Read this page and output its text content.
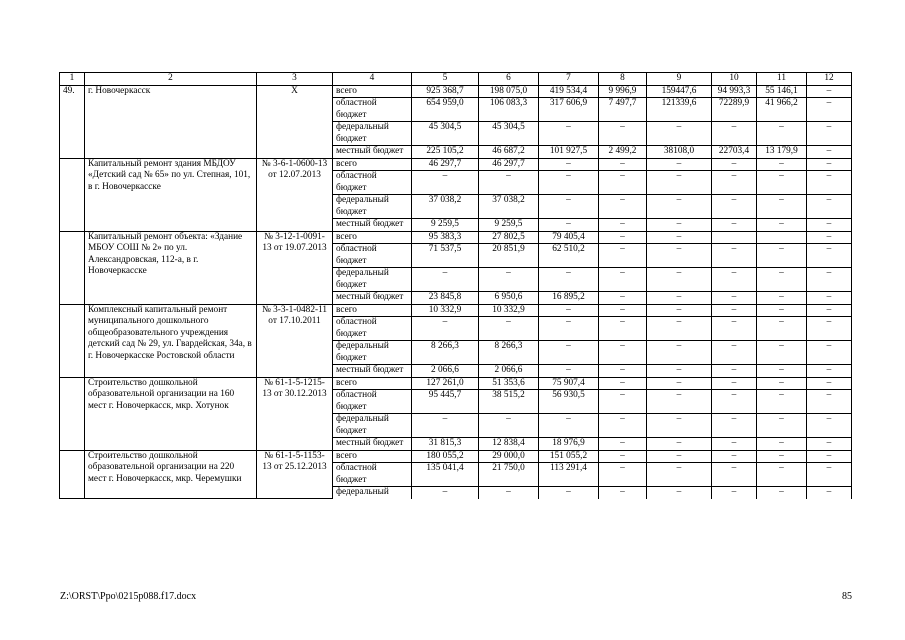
1	2	3	4	5	6	7	8	9	10	11	12
49.	г. Новочеркасск	Х	всего	925 368,7	198 075,0	419 534,4	9 996,9	159447,6	94 993,3	55 146,1	–
			областной бюджет	654 959,0	106 083,3	317 606,9	7 497,7	121339,6	72289,9	41 966,2	–
			федеральный бюджет	45 304,5	45 304,5	–	–	–	–	–	–
			местный бюджет	225 105,2	46 687,2	101 927,5	2 499,2	38108,0	22703,4	13 179,9	–
	Капитальный ремонт здания МБДОУ «Детский сад № 65» по ул. Степная, 101, в г. Новочеркасске	№ 3-6-1-0600-13 от 12.07.2013	всего	46 297,7	46 297,7	–	–	–	–	–	–
			областной бюджет	–	–	–	–	–	–	–	–
			федеральный бюджет	37 038,2	37 038,2	–	–	–	–	–	–
			местный бюджет	9 259,5	9 259,5	–	–	–	–	–	–
	Капитальный ремонт объекта: «Здание МБОУ СОШ № 2» по ул. Александровская, 112-а, в г. Новочеркасске	№ 3-12-1-0091-13 от 19.07.2013	всего	95 383,3	27 802,5	79 405,4	–	–			–
			областной бюджет	71 537,5	20 851,9	62 510,2	–	–	–	–	–
			федеральный бюджет	–	–	–	–	–	–	–	–
			местный бюджет	23 845,8	6 950,6	16 895,2	–	–	–	–	–
	Комплексный капитальный ремонт муниципального дошкольного общеобразовательного учреждения детский сад № 29, ул. Гвардейская, 34а, в г. Новочеркасске Ростовской области	№ 3-3-1-0482-11 от 17.10.2011	всего	10 332,9	10 332,9	–	–	–	–	–	–
			областной бюджет	–	–	–	–	–	–	–	–
			федеральный бюджет	8 266,3	8 266,3	–	–	–	–	–	–
			местный бюджет	2 066,6	2 066,6	–	–	–	–	–	–
	Строительство дошкольной образовательной организации на 160 мест г. Новочеркасск, мкр. Хотунок	№ 61-1-5-1215-13 от 30.12.2013	всего	127 261,0	51 353,6	75 907,4	–	–	–	–	–
			областной бюджет	95 445,7	38 515,2	56 930,5	–	–	–	–	–
			федеральный бюджет	–	–	–	–	–	–	–	–
			местный бюджет	31 815,3	12 838,4	18 976,9	–	–	–	–	–
	Строительство дошкольной образовательной организации на 220 мест г. Новочеркасск, мкр. Черемушки	№ 61-1-5-1153-13 от 25.12.2013	всего	180 055,2	29 000,0	151 055,2	–	–	–	–	–
			областной бюджет	135 041,4	21 750,0	113 291,4	–	–	–	–	–
			федеральный	–	–	–	–	–	–	–	–
Z:\ORST\Ppo\0215p088.f17.docx	85
